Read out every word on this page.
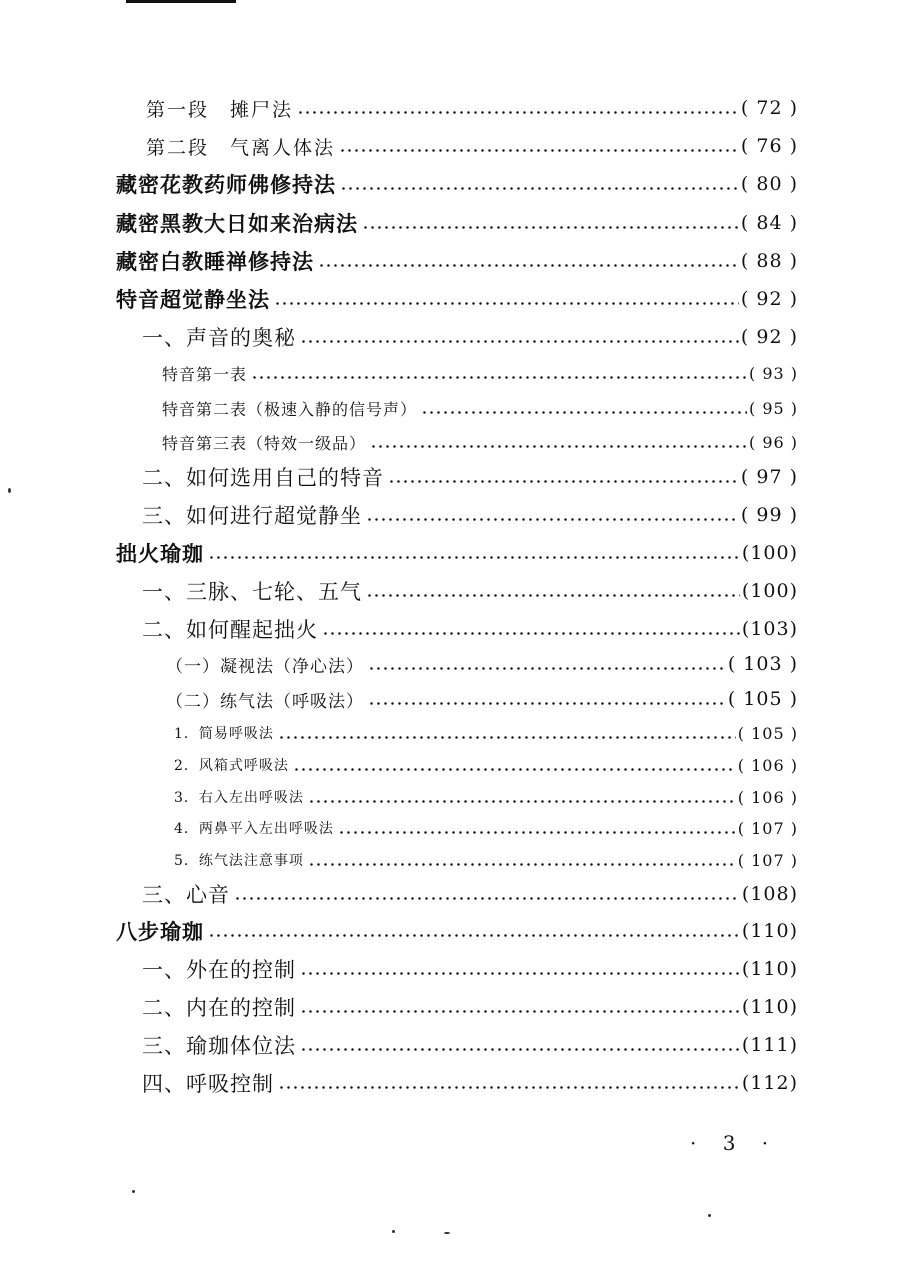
第一段　摊尸法	( 72 )
第二段　气离人体法	( 76 )
藏密花教药师佛修持法	( 80 )
藏密黑教大日如来治病法	( 84 )
藏密白教睡禅修持法	( 88 )
特音超觉静坐法	( 92 )
一、声音的奥秘	( 92 )
特音第一表	( 93 )
特音第二表（极速入静的信号声）	( 95 )
特音第三表（特效一级品）	( 96 )
二、如何选用自己的特音	( 97 )
三、如何进行超觉静坐	( 99 )
拙火瑜珈	(100)
一、三脉、七轮、五气	(100)
二、如何醒起拙火	(103)
（一）凝视法（净心法）	( 103 )
（二）练气法（呼吸法）	( 105 )
1．简易呼吸法	( 105 )
2．风箱式呼吸法	( 106 )
3．右入左出呼吸法	( 106 )
4．两鼻平入左出呼吸法	( 107 )
5．练气法注意事项	( 107 )
三、心音	(108)
八步瑜珈	(110)
一、外在的控制	(110)
二、内在的控制	(110)
三、瑜珈体位法	(111)
四、呼吸控制	(112)
· 3 ·
